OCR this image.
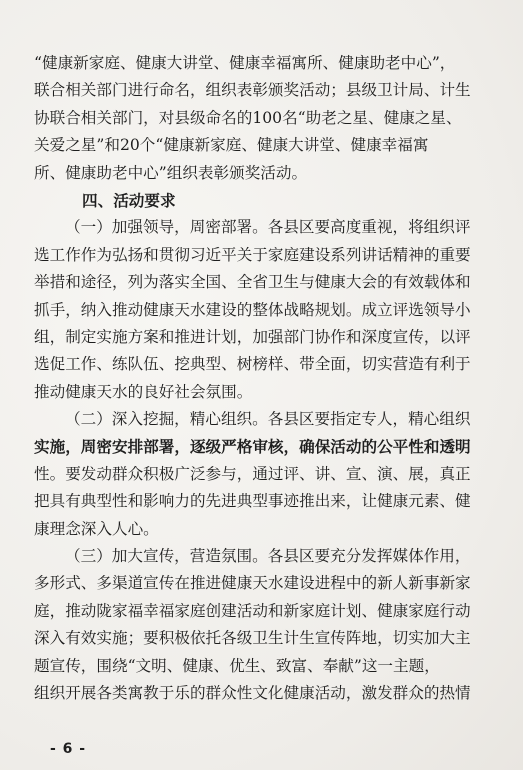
“健康新家庭、健康大讲堂、健康幸福寓所、健康助老中心”，
联合相关部门进行命名，组织表彰颁奖活动；县级卫计局、计生
协联合相关部门，对县级命名的100名“助老之星、健康之星、
关爱之星”和20个“健康新家庭、健康大讲堂、健康幸福寓
所、健康助老中心”组织表彰颁奖活动。
四、活动要求
（一）加强领导，周密部署。各县区要高度重视，将组织评
选工作作为弘扬和贯彻习近平关于家庭建设系列讲话精神的重要
举措和途径，列为落实全国、全省卫生与健康大会的有效载体和
抓手，纳入推动健康天水建设的整体战略规划。成立评选领导小
组，制定实施方案和推进计划，加强部门协作和深度宣传，以评
选促工作、练队伍、挖典型、树榜样、带全面，切实营造有利于
推动健康天水的良好社会氛围。
（二）深入挖掘，精心组织。各县区要指定专人，精心组织
实施，周密安排部署，逐级严格审核，确保活动的公平性和透明
性。要发动群众积极广泛参与，通过评、讲、宣、演、展，真正
把具有典型性和影响力的先进典型事迹推出来，让健康元素、健
康理念深入人心。
（三）加大宣传，营造氛围。各县区要充分发挥媒体作用，
多形式、多渠道宣传在推进健康天水建设进程中的新人新事新家
庭，推动陇家福幸福家庭创建活动和新家庭计划、健康家庭行动
深入有效实施；要积极依托各级卫生计生宣传阵地，切实加大主
题宣传，围绕“文明、健康、优生、致富、奉献”这一主题，
组织开展各类寓教于乐的群众性文化健康活动，激发群众的热情
- 6 -
